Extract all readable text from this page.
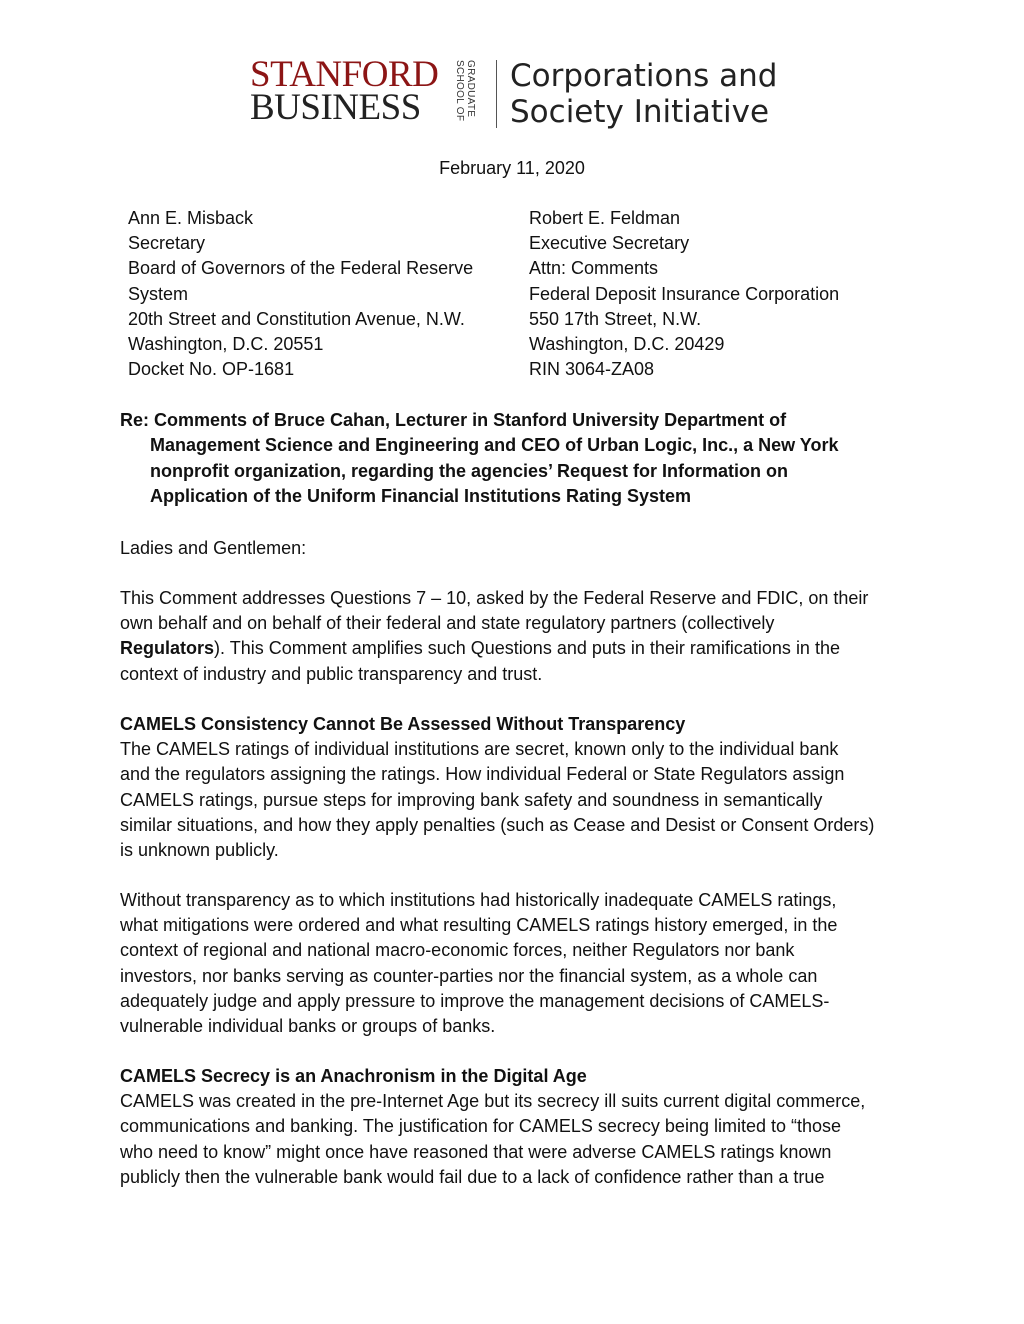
STANFORD
BUSINESS	GRADUATE
SCHOOL OF Corporations and
Society Initiative
February 11, 2020
Ann E. Misback
Secretary
Board of Governors of the Federal Reserve
System
20th Street and Constitution Avenue, N.W.
Washington, D.C. 20551
Docket No. OP-1681
Robert E. Feldman
Executive Secretary
Attn: Comments
Federal Deposit Insurance Corporation
550 17th Street, N.W.
Washington, D.C. 20429
RIN 3064-ZA08
Re: Comments of Bruce Cahan, Lecturer in Stanford University Department of
Management Science and Engineering and CEO of Urban Logic, Inc., a New York
nonprofit organization, regarding the agencies’ Request for Information on
Application of the Uniform Financial Institutions Rating System
Ladies and Gentlemen:
This Comment addresses Questions 7 – 10, asked by the Federal Reserve and FDIC, on their
own behalf and on behalf of their federal and state regulatory partners (collectively
Regulators). This Comment amplifies such Questions and puts in their ramifications in the
context of industry and public transparency and trust.
CAMELS Consistency Cannot Be Assessed Without Transparency
The CAMELS ratings of individual institutions are secret, known only to the individual bank
and the regulators assigning the ratings. How individual Federal or State Regulators assign
CAMELS ratings, pursue steps for improving bank safety and soundness in semantically
similar situations, and how they apply penalties (such as Cease and Desist or Consent Orders)
is unknown publicly.
Without transparency as to which institutions had historically inadequate CAMELS ratings,
what mitigations were ordered and what resulting CAMELS ratings history emerged, in the
context of regional and national macro-economic forces, neither Regulators nor bank
investors, nor banks serving as counter-parties nor the financial system, as a whole can
adequately judge and apply pressure to improve the management decisions of CAMELS-
vulnerable individual banks or groups of banks.
CAMELS Secrecy is an Anachronism in the Digital Age
CAMELS was created in the pre-Internet Age but its secrecy ill suits current digital commerce,
communications and banking. The justification for CAMELS secrecy being limited to “those
who need to know” might once have reasoned that were adverse CAMELS ratings known
publicly then the vulnerable bank would fail due to a lack of confidence rather than a true
